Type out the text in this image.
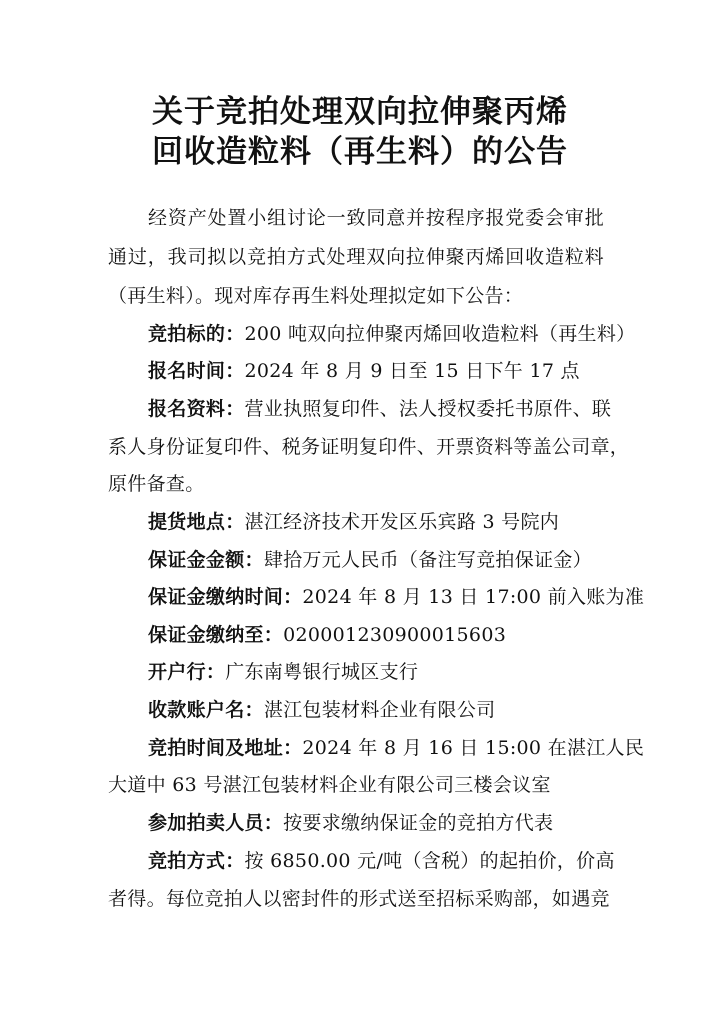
关于竞拍处理双向拉伸聚丙烯
回收造粒料（再生料）的公告
经资产处置小组讨论一致同意并按程序报党委会审批
通过，我司拟以竞拍方式处理双向拉伸聚丙烯回收造粒料
（再生料）。现对库存再生料处理拟定如下公告：
竞拍标的：200 吨双向拉伸聚丙烯回收造粒料（再生料）
报名时间：2024 年 8 月 9 日至 15 日下午 17 点
报名资料：营业执照复印件、法人授权委托书原件、联
系人身份证复印件、税务证明复印件、开票资料等盖公司章，
原件备查。
提货地点：湛江经济技术开发区乐宾路 3 号院内
保证金金额：肆拾万元人民币（备注写竞拍保证金）
保证金缴纳时间：2024 年 8 月 13 日 17:00 前入账为准
保证金缴纳至：020001230900015603
开户行：广东南粤银行城区支行
收款账户名：湛江包装材料企业有限公司
竞拍时间及地址：2024 年 8 月 16 日 15:00 在湛江人民
大道中 63 号湛江包装材料企业有限公司三楼会议室
参加拍卖人员：按要求缴纳保证金的竞拍方代表
竞拍方式：按 6850.00 元/吨（含税）的起拍价，价高
者得。每位竞拍人以密封件的形式送至招标采购部，如遇竞
